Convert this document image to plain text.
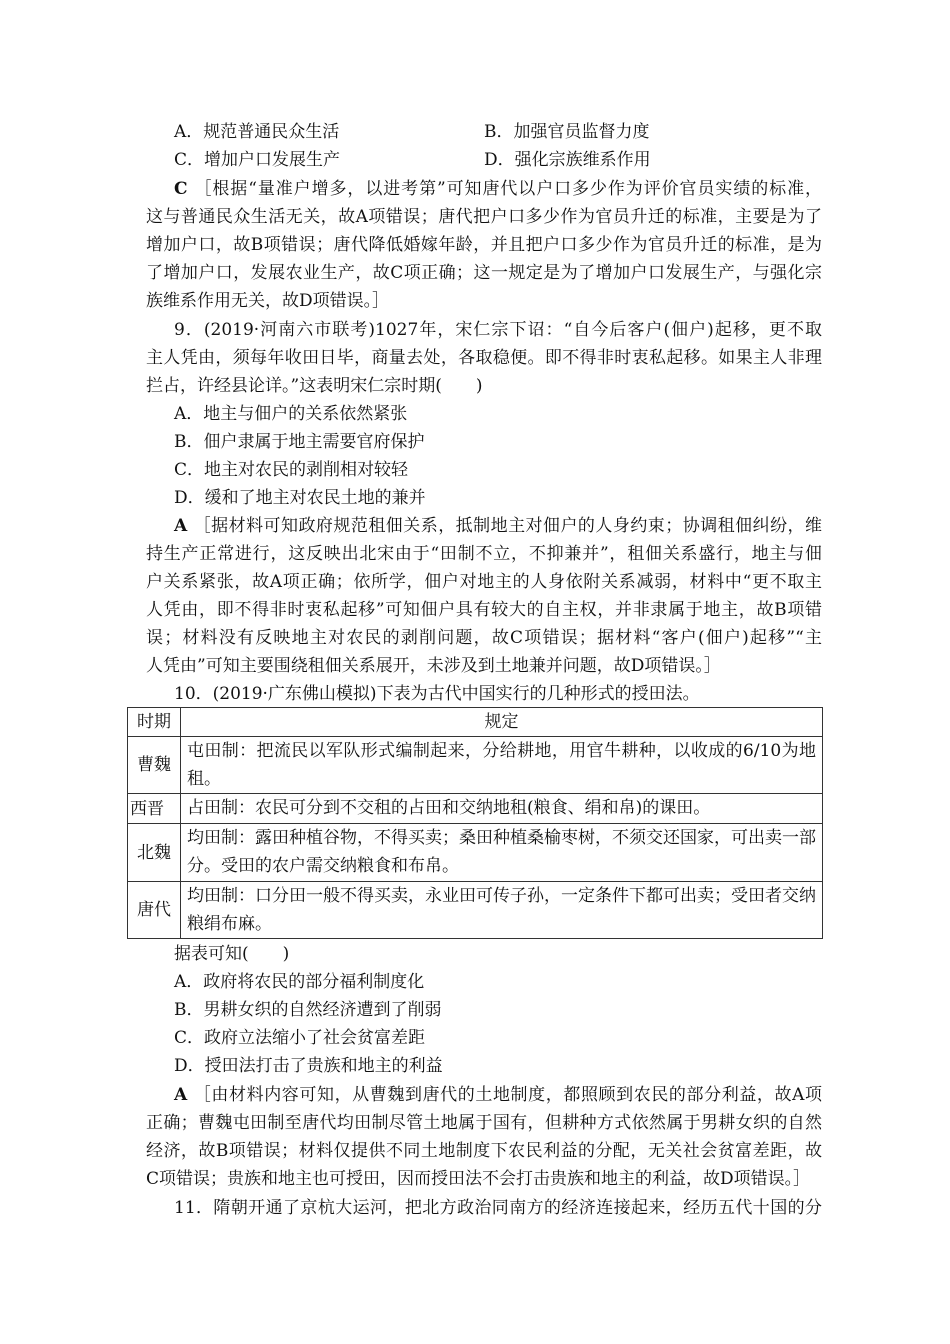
A．规范普通民众生活	B．加强官员监督力度
C．增加户口发展生产	D．强化宗族维系作用
C ［根据“量准户增多，以进考第”可知唐代以户口多少作为评价官员实绩的标准，
这与普通民众生活无关，故A项错误；唐代把户口多少作为官员升迁的标准，主要是为了
增加户口，故B项错误；唐代降低婚嫁年龄，并且把户口多少作为官员升迁的标准，是为
了增加户口，发展农业生产，故C项正确；这一规定是为了增加户口发展生产，与强化宗
族维系作用无关，故D项错误。］
9．(2019·河南六市联考)1027年，宋仁宗下诏：“自今后客户(佃户)起移，更不取
主人凭由，须每年收田日毕，商量去处，各取稳便。即不得非时衷私起移。如果主人非理
拦占，许经县论详。”这表明宋仁宗时期(　　)
A．地主与佃户的关系依然紧张
B．佃户隶属于地主需要官府保护
C．地主对农民的剥削相对较轻
D．缓和了地主对农民土地的兼并
A ［据材料可知政府规范租佃关系，抵制地主对佃户的人身约束；协调租佃纠纷，维
持生产正常进行，这反映出北宋由于“田制不立，不抑兼并”，租佃关系盛行，地主与佃
户关系紧张，故A项正确；依所学，佃户对地主的人身依附关系减弱，材料中“更不取主
人凭由，即不得非时衷私起移”可知佃户具有较大的自主权，并非隶属于地主，故B项错
误；材料没有反映地主对农民的剥削问题，故C项错误；据材料“客户(佃户)起移”“主
人凭由”可知主要围绕租佃关系展开，未涉及到土地兼并问题，故D项错误。］
10．(2019·广东佛山模拟)下表为古代中国实行的几种形式的授田法。
时期	规定
曹魏	屯田制：把流民以军队形式编制起来，分给耕地，用官牛耕种，以收成的6/10为地租。
西晋	占田制：农民可分到不交租的占田和交纳地租(粮食、绢和帛)的课田。
北魏	均田制：露田种植谷物，不得买卖；桑田种植桑榆枣树，不须交还国家，可出卖一部分。受田的农户需交纳粮食和布帛。
唐代	均田制：口分田一般不得买卖，永业田可传子孙，一定条件下都可出卖；受田者交纳粮绢布麻。
据表可知(　　)
A．政府将农民的部分福利制度化
B．男耕女织的自然经济遭到了削弱
C．政府立法缩小了社会贫富差距
D．授田法打击了贵族和地主的利益
A ［由材料内容可知，从曹魏到唐代的土地制度，都照顾到农民的部分利益，故A项
正确；曹魏屯田制至唐代均田制尽管土地属于国有，但耕种方式依然属于男耕女织的自然
经济，故B项错误；材料仅提供不同土地制度下农民利益的分配，无关社会贫富差距，故
C项错误；贵族和地主也可授田，因而授田法不会打击贵族和地主的利益，故D项错误。］
11．隋朝开通了京杭大运河，把北方政治同南方的经济连接起来，经历五代十国的分
